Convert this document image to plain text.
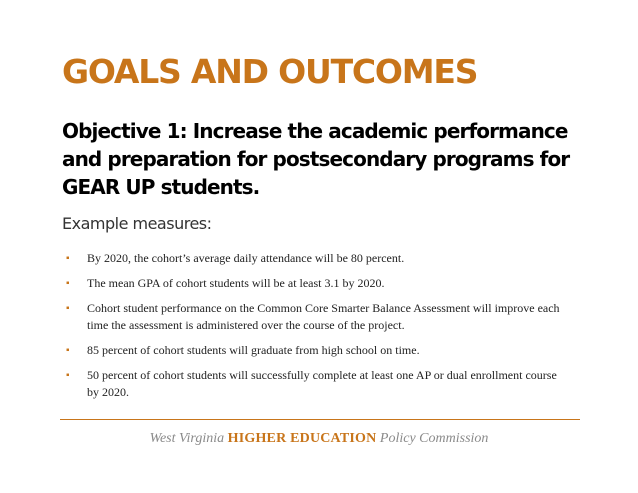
GOALS AND OUTCOMES
Objective 1: Increase the academic performance and preparation for postsecondary programs for GEAR UP students.

Example measures:

▪ By 2020, the cohort’s average daily attendance will be 80 percent.
▪ The mean GPA of cohort students will be at least 3.1 by 2020.
▪ Cohort student performance on the Common Core Smarter Balance Assessment will improve each time the assessment is administered over the course of the project.
▪ 85 percent of cohort students will graduate from high school on time.
▪ 50 percent of cohort students will successfully complete at least one AP or dual enrollment course by 2020.
West Virginia HIGHER EDUCATION Policy Commission
